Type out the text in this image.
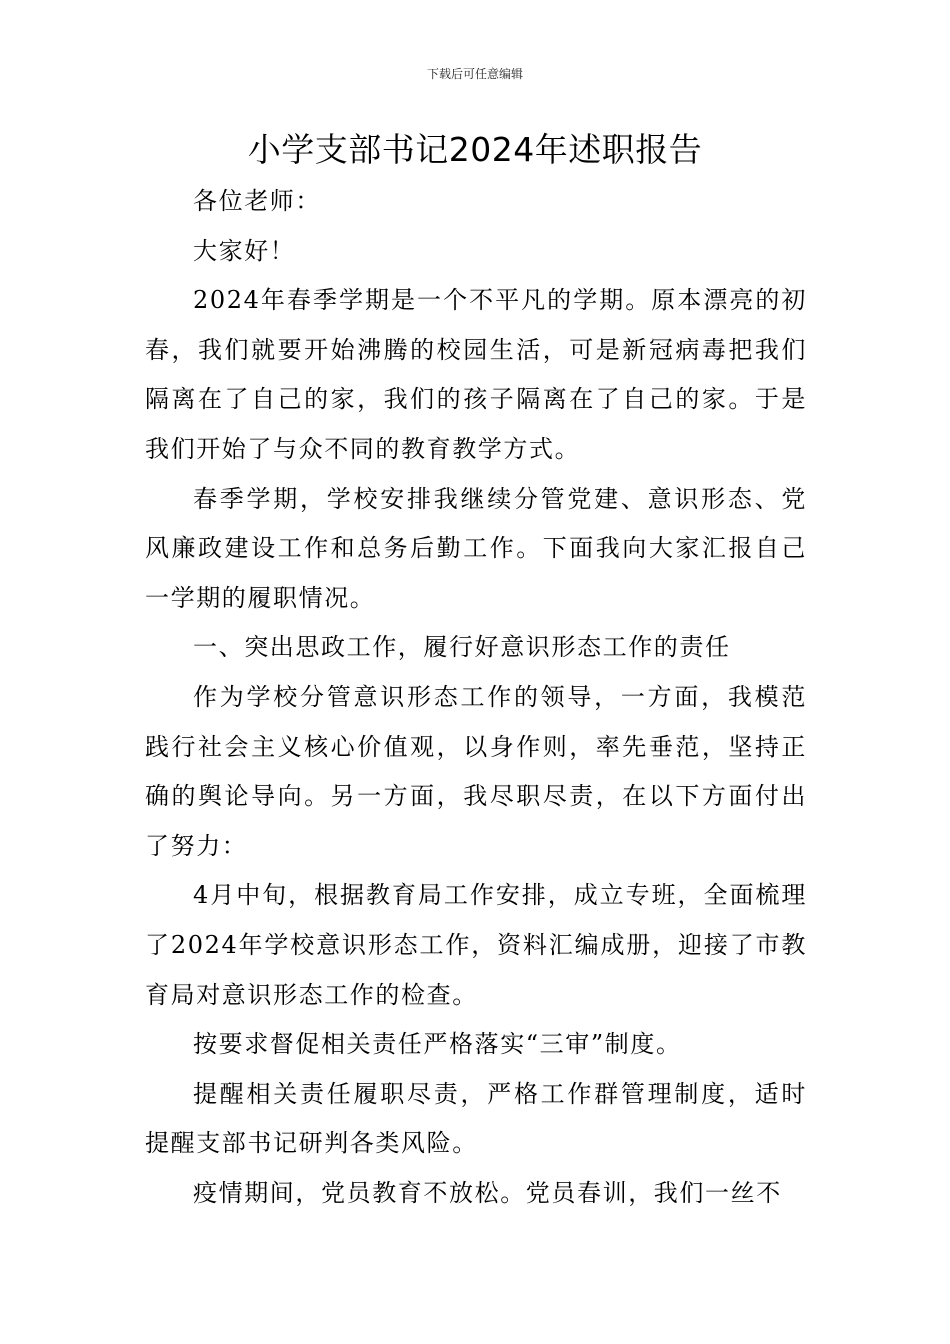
下载后可任意编辑
小学支部书记2024年述职报告

各位老师：

大家好！

2024年春季学期是一个不平凡的学期。原本漂亮的初春，我们就要开始沸腾的校园生活，可是新冠病毒把我们隔离在了自己的家，我们的孩子隔离在了自己的家。于是我们开始了与众不同的教育教学方式。

春季学期，学校安排我继续分管党建、意识形态、党风廉政建设工作和总务后勤工作。下面我向大家汇报自己一学期的履职情况。

一、突出思政工作，履行好意识形态工作的责任

作为学校分管意识形态工作的领导，一方面，我模范践行社会主义核心价值观，以身作则，率先垂范，坚持正确的舆论导向。另一方面，我尽职尽责，在以下方面付出了努力：

4月中旬，根据教育局工作安排，成立专班，全面梳理了2024年学校意识形态工作，资料汇编成册，迎接了市教育局对意识形态工作的检查。

按要求督促相关责任严格落实“三审”制度。

提醒相关责任履职尽责，严格工作群管理制度，适时提醒支部书记研判各类风险。

疫情期间，党员教育不放松。党员春训，我们一丝不
